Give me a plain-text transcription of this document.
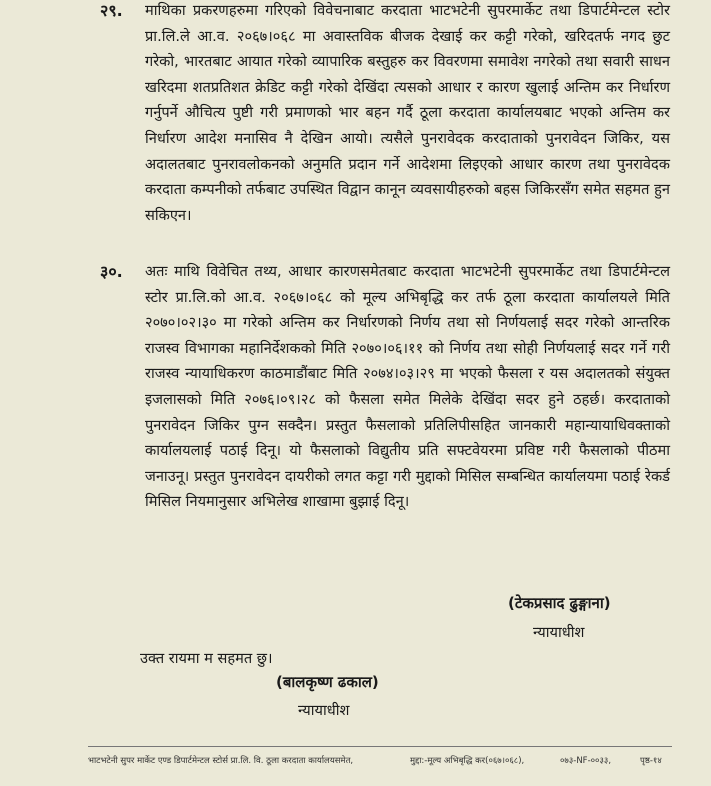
२९. माथिका प्रकरणहरुमा गरिएको विवेचनाबाट करदाता भाटभटेनी सुपरमार्केट तथा डिपार्टमेन्टल स्टोर प्रा.लि.ले आ.व. २०६७।०६८ मा अवास्तविक बीजक देखाई कर कट्टी गरेको, खरिदतर्फ नगद छुट गरेको, भारतबाट आयात गरेको व्यापारिक बस्तुहरु कर विवरणमा समावेश नगरेको तथा सवारी साधन खरिदमा शतप्रतिशत क्रेडिट कट्टी गरेको देखिंदा त्यसको आधार र कारण खुलाई अन्तिम कर निर्धारण गर्नुपर्ने औचित्य पुष्टी गरी प्रमाणको भार बहन गर्दै ठूला करदाता कार्यालयबाट भएको अन्तिम कर निर्धारण आदेश मनासिव नै देखिन आयो। त्यसैले पुनरावेदक करदाताको पुनरावेदन जिकिर, यस अदालतबाट पुनरावलोकनको अनुमति प्रदान गर्ने आदेशमा लिइएको आधार कारण तथा पुनरावेदक करदाता कम्पनीको तर्फबाट उपस्थित विद्वान कानून व्यवसायीहरुको बहस जिकिरसँग समेत सहमत हुन सकिएन।
३०. अतः माथि विवेचित तथ्य, आधार कारणसमेतबाट करदाता भाटभटेनी सुपरमार्केट तथा डिपार्टमेन्टल स्टोर प्रा.लि.को आ.व. २०६७।०६८ को मूल्य अभिबृद्धि कर तर्फ ठूला करदाता कार्यालयले मिति २०७०।०२।३० मा गरेको अन्तिम कर निर्धारणको निर्णय तथा सो निर्णयलाई सदर गरेको आन्तरिक राजस्व विभागका महानिर्देशकको मिति २०७०।०६।११ को निर्णय तथा सोही निर्णयलाई सदर गर्ने गरी राजस्व न्यायाधिकरण काठमाडौंबाट मिति २०७४।०३।२९ मा भएको फैसला र यस अदालतको संयुक्त इजलासको मिति २०७६।०९।२८ को फैसला समेत मिलेके देखिंदा सदर हुने ठहर्छ। करदाताको पुनरावेदन जिकिर पुग्न सक्दैन। प्रस्तुत फैसलाको प्रतिलिपीसहित जानकारी महान्यायाधिवक्ताको कार्यालयलाई पठाई दिनू। यो फैसलाको विद्युतीय प्रति सफ्टवेयरमा प्रविष्ट गरी फैसलाको पीठमा जनाउनू। प्रस्तुत पुनरावेदन दायरीको लगत कट्टा गरी मुद्दाको मिसिल सम्बन्धित कार्यालयमा पठाई रेकर्ड मिसिल नियमानुसार अभिलेख शाखामा बुझाई दिनू।
(टेकप्रसाद ढुङ्गाना)
न्यायाधीश
उक्त रायमा म सहमत छु।
(बालकृष्ण ढकाल)
न्यायाधीश
भाटभटेनी सुपर मार्केट एण्ड डिपार्टमेन्टल स्टोर्स प्रा.लि. वि. ठूला करदाता कार्यालयसमेत,	मुद्दा:-मूल्य अभिबृद्धि कर(०६७।०६८),	०७३-NF-००३३,	पृष्ठ-१४
